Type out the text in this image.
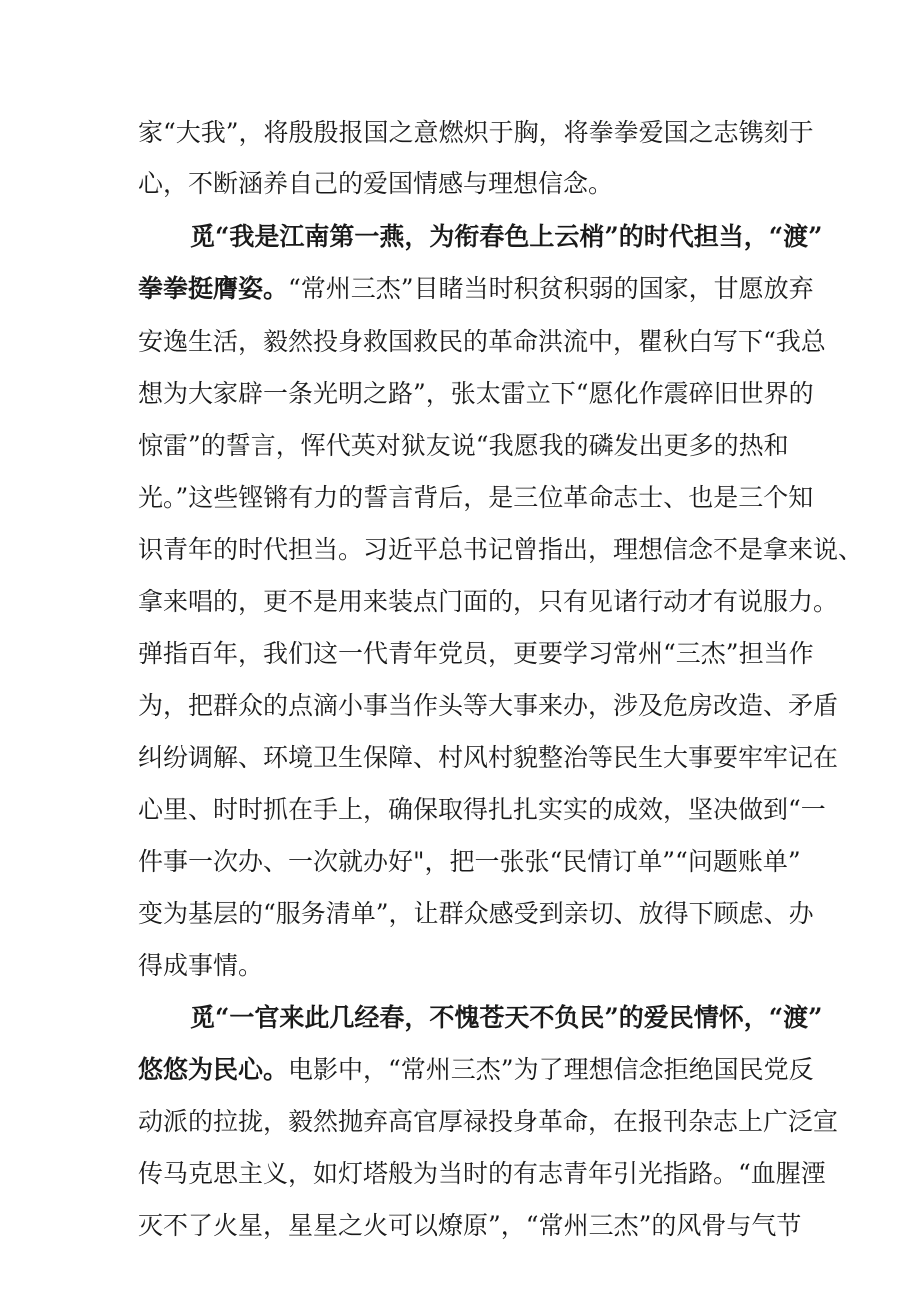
家“大我”，将殷殷报国之意燃炽于胸，将拳拳爱国之志镌刻于
心，不断涵养自己的爱国情感与理想信念。
觅“我是江南第一燕，为衔春色上云梢”的时代担当，“渡”
拳拳挺膺姿。“常州三杰”目睹当时积贫积弱的国家，甘愿放弃
安逸生活，毅然投身救国救民的革命洪流中，瞿秋白写下“我总
想为大家辟一条光明之路”，张太雷立下“愿化作震碎旧世界的
惊雷”的誓言，恽代英对狱友说“我愿我的磷发出更多的热和
光。”这些铿锵有力的誓言背后，是三位革命志士、也是三个知
识青年的时代担当。习近平总书记曾指出，理想信念不是拿来说、
拿来唱的，更不是用来装点门面的，只有见诸行动才有说服力。
弹指百年，我们这一代青年党员，更要学习常州“三杰”担当作
为，把群众的点滴小事当作头等大事来办，涉及危房改造、矛盾
纠纷调解、环境卫生保障、村风村貌整治等民生大事要牢牢记在
心里、时时抓在手上，确保取得扎扎实实的成效，坚决做到“一
件事一次办、一次就办好"，把一张张“民情订单”“问题账单”
变为基层的“服务清单”，让群众感受到亲切、放得下顾虑、办
得成事情。
觅“一官来此几经春，不愧苍天不负民”的爱民情怀，“渡”
悠悠为民心。电影中，“常州三杰”为了理想信念拒绝国民党反
动派的拉拢，毅然抛弃高官厚禄投身革命，在报刊杂志上广泛宣
传马克思主义，如灯塔般为当时的有志青年引光指路。“血腥湮
灭不了火星，星星之火可以燎原”，“常州三杰”的风骨与气节
